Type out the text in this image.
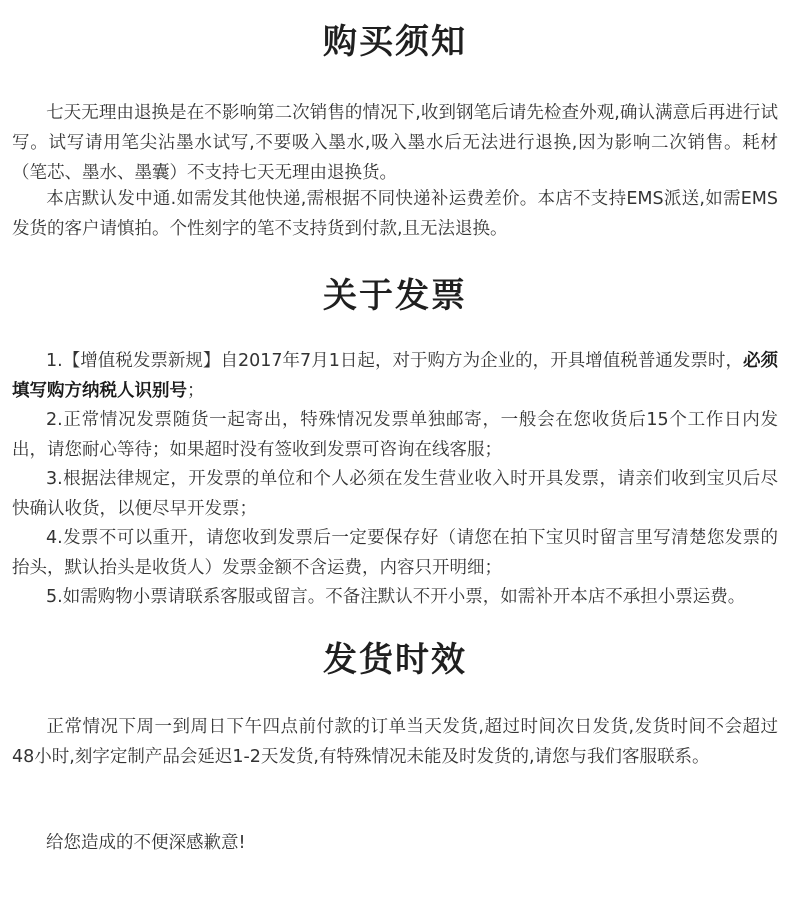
购买须知
七天无理由退换是在不影响第二次销售的情况下,收到钢笔后请先检查外观,确认满意后再进行试写。试写请用笔尖沾墨水试写,不要吸入墨水,吸入墨水后无法进行退换,因为影响二次销售。耗材（笔芯、墨水、墨囊）不支持七天无理由退换货。
本店默认发中通.如需发其他快递,需根据不同快递补运费差价。本店不支持EMS派送,如需EMS发货的客户请慎拍。个性刻字的笔不支持货到付款,且无法退换。
关于发票
1.【增值税发票新规】自2017年7月1日起，对于购方为企业的，开具增值税普通发票时，必须填写购方纳税人识别号；
2.正常情况发票随货一起寄出，特殊情况发票单独邮寄，一般会在您收货后15个工作日内发出，请您耐心等待；如果超时没有签收到发票可咨询在线客服；
3.根据法律规定，开发票的单位和个人必须在发生营业收入时开具发票，请亲们收到宝贝后尽快确认收货，以便尽早开发票；
4.发票不可以重开，请您收到发票后一定要保存好（请您在拍下宝贝时留言里写清楚您发票的抬头，默认抬头是收货人）发票金额不含运费，内容只开明细；
5.如需购物小票请联系客服或留言。不备注默认不开小票，如需补开本店不承担小票运费。
发货时效
正常情况下周一到周日下午四点前付款的订单当天发货,超过时间次日发货,发货时间不会超过48小时,刻字定制产品会延迟1-2天发货,有特殊情况未能及时发货的,请您与我们客服联系。
给您造成的不便深感歉意!
